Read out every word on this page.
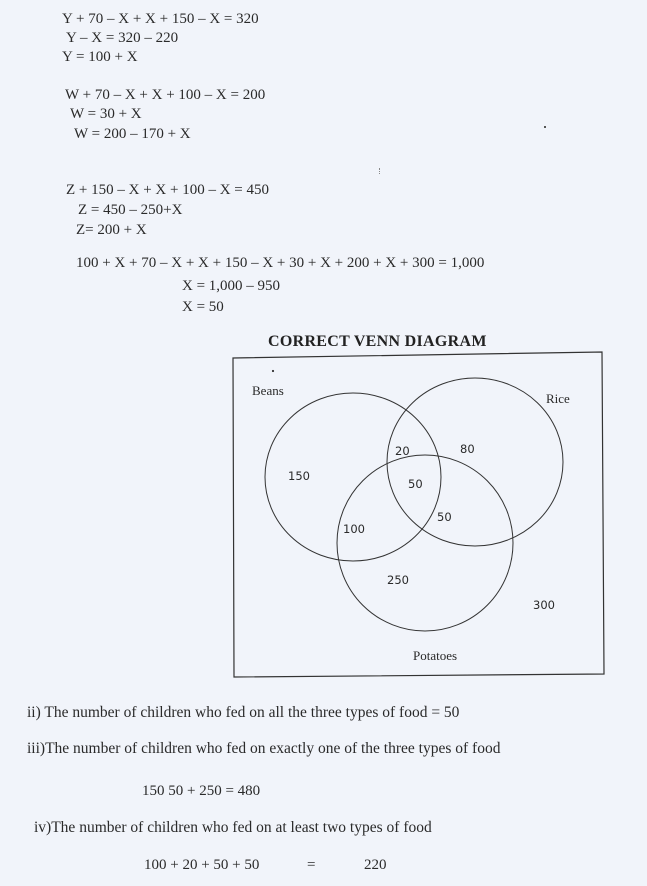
Y + 70 – X + X + 150 – X = 320
Y – X = 320 – 220
Y = 100 + X
W + 70 – X + X + 100 – X = 200
W = 30 + X
W = 200 – 170 + X
Z + 150 – X + X + 100 – X = 450
Z = 450 – 250+X
Z= 200 + X
100 + X + 70 – X + X + 150 – X + 30 + X + 200 + X + 300 = 1,000
X = 1,000 – 950
X = 50
CORRECT VENN DIAGRAM
Beans
Rice
Potatoes
150
20	80
50
50
100
250
300
ii) The number of children who fed on all the three types of food = 50
iii)The number of children who fed on exactly one of the three types of food
150 50 + 250 = 480
iv)The number of children who fed on at least two types of food
100 + 20 + 50 + 50	=	220
